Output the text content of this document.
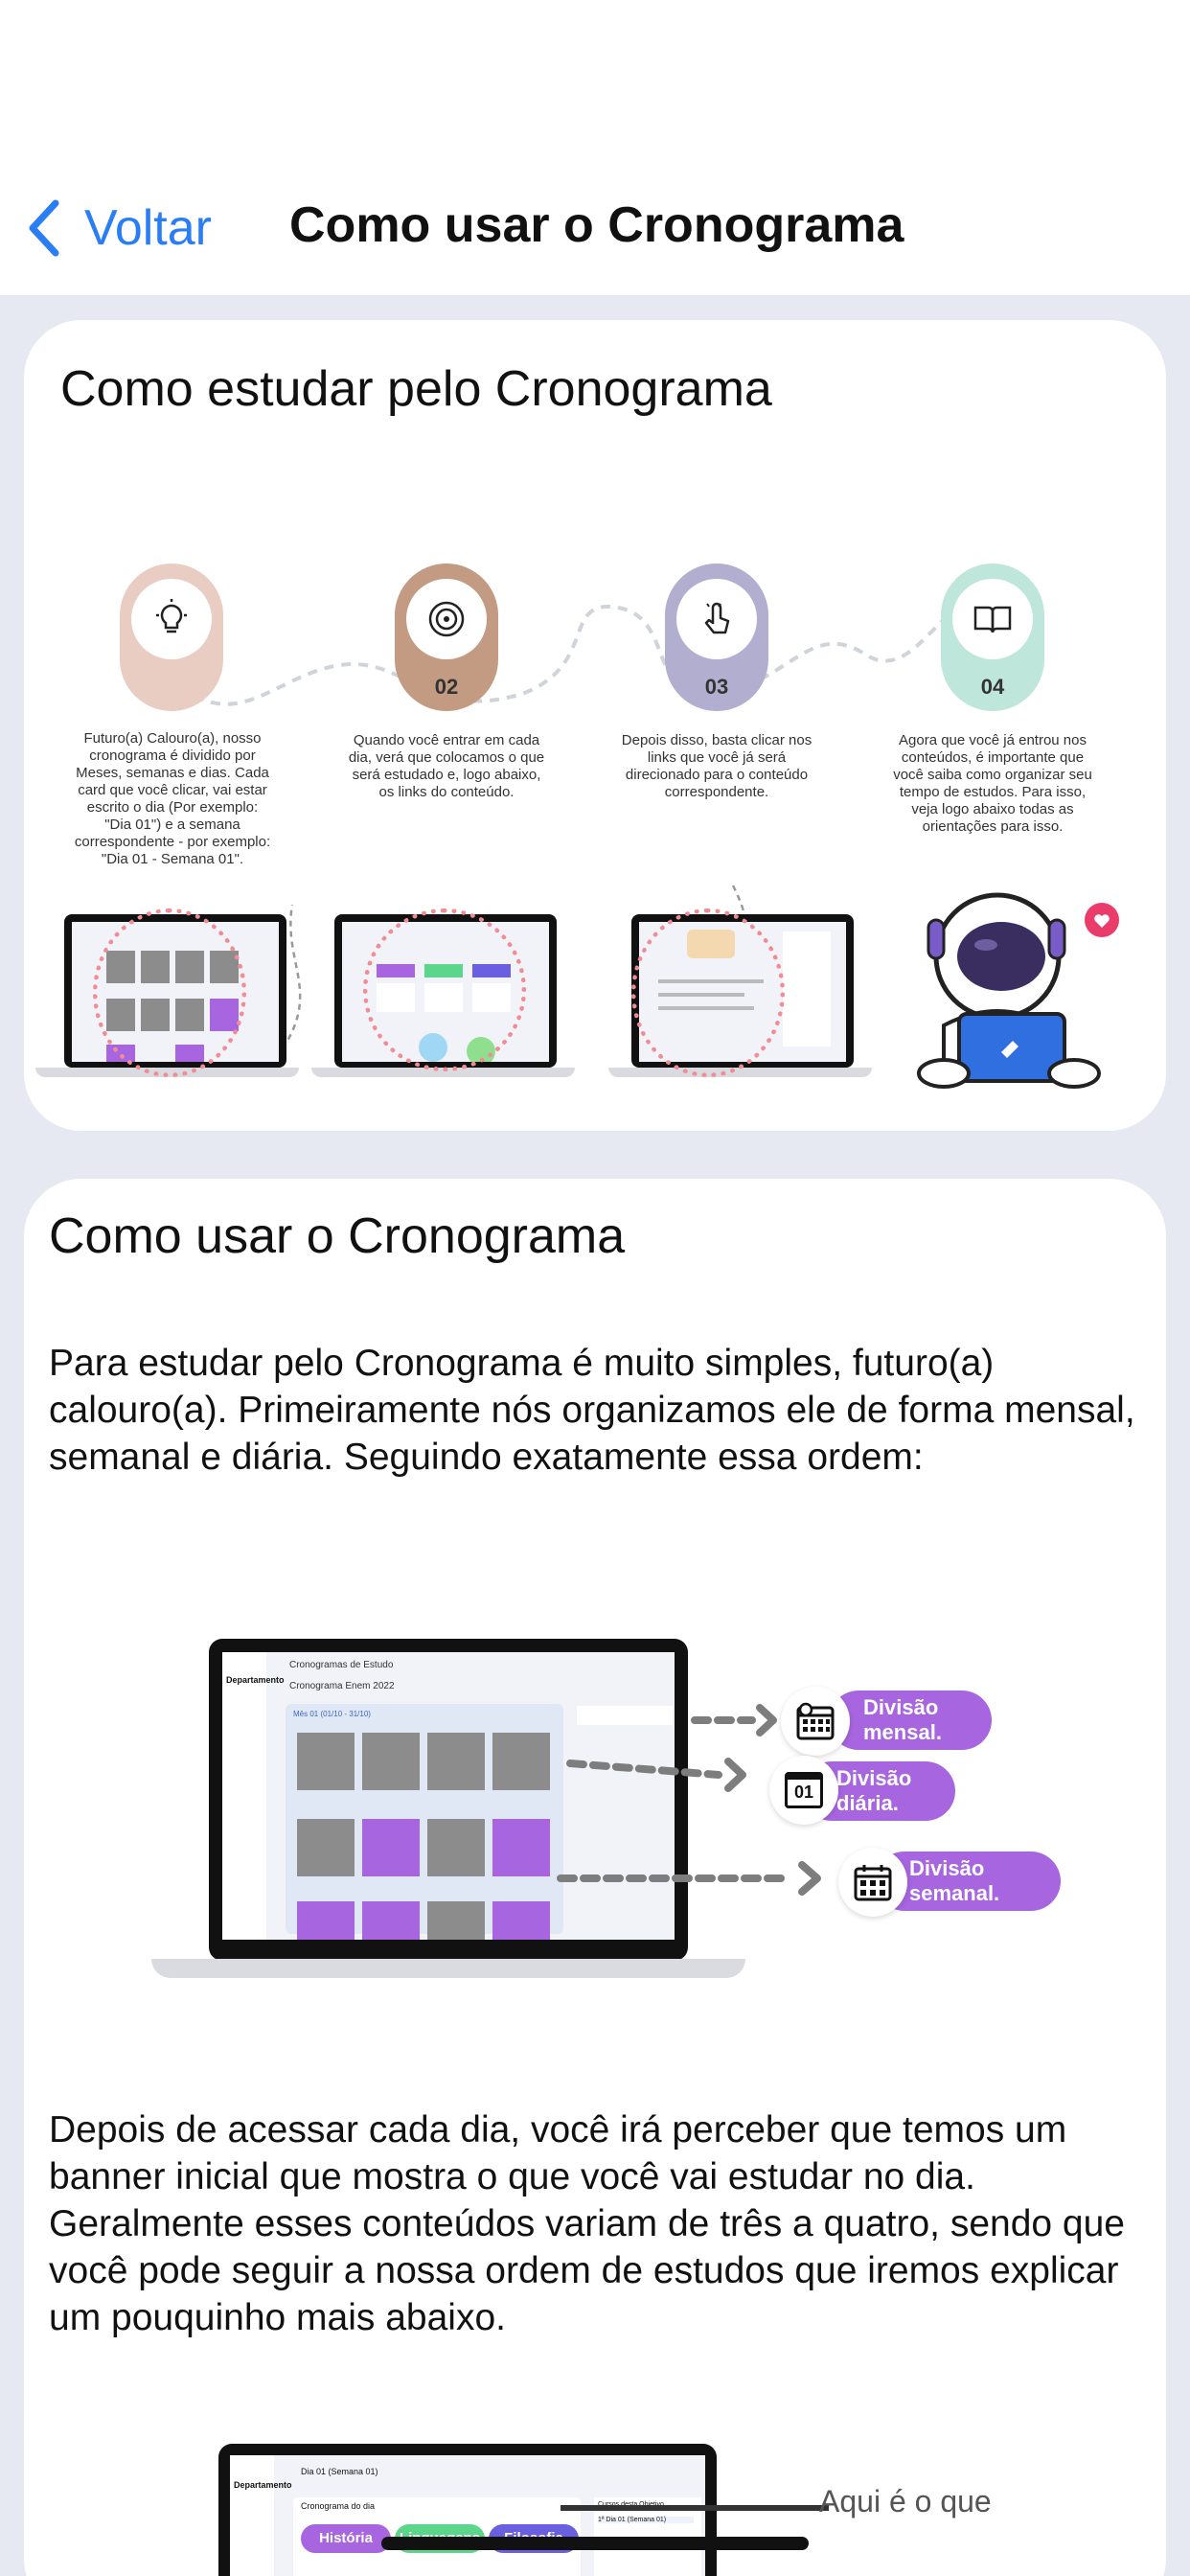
Voltar Como usar o Cronograma
Como estudar pelo Cronograma
Futuro(a) Calouro(a), nosso cronograma é dividido por Meses, semanas e dias. Cada card que você clicar, vai estar escrito o dia (Por exemplo: "Dia 01") e a semana correspondente - por exemplo: "Dia 01 - Semana 01".
02
Quando você entrar em cada dia, verá que colocamos o que será estudado e, logo abaixo, os links do conteúdo.
03
Depois disso, basta clicar nos links que você já será direcionado para o conteúdo correspondente.
04
Agora que você já entrou nos conteúdos, é importante que você saiba como organizar seu tempo de estudos. Para isso, veja logo abaixo todas as orientações para isso.
Como usar o Cronograma
Para estudar pelo Cronograma é muito simples, futuro(a) calouro(a). Primeiramente nós organizamos ele de forma mensal, semanal e diária. Seguindo exatamente essa ordem:
Departamento
Cronogramas de Estudo
Cronograma Enem 2022
Mês 01 (01/10 - 31/10)	Divisão
mensal.
Divisão
diária.
01
Divisão
semanal.
Depois de acessar cada dia, você irá perceber que temos um banner inicial que mostra o que você vai estudar no dia. Geralmente esses conteúdos variam de três a quatro, sendo que você pode seguir a nossa ordem de estudos que iremos explicar um pouquinho mais abaixo.
Departamento
Dia 01 (Semana 01)
Cronograma do dia
História
1ª Dia 01 (Semana 01)
Aqui é o que
